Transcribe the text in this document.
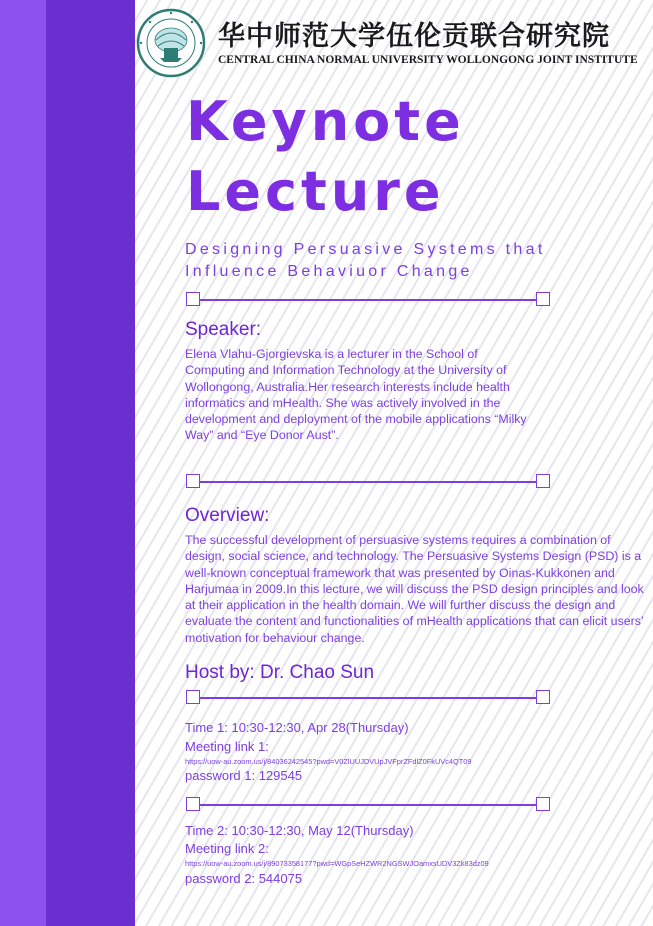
华中师范大学伍伦贡联合研究院
CENTRAL CHINA NORMAL UNIVERSITY WOLLONGONG JOINT INSTITUTE
Keynote
Lecture
Designing Persuasive Systems that
Influence Behaviuor Change
Speaker:
Elena Vlahu-Gjorgievska is a lecturer in the School of Computing and Information Technology at the University of Wollongong, Australia.Her research interests include health informatics and mHealth. She was actively involved in the development and deployment of the mobile applications “Milky Way” and “Eye Donor Aust”.
Overview:
The successful development of persuasive systems requires a combination of design, social science, and technology. The Persuasive Systems Design (PSD) is a well-known conceptual framework that was presented by Oinas-Kukkonen and Harjumaa in 2009.In this lecture, we will discuss the PSD design principles and look at their application in the health domain. We will further discuss the design and evaluate the content and functionalities of mHealth applications that can elicit users’ motivation for behaviour change.
Host by: Dr. Chao Sun
Time 1: 10:30-12:30, Apr 28(Thursday)
Meeting link 1:
https://uow-au.zoom.us/j/84036242545?pwd=V0ZlUUJDVUpJVFprZFdlZ0FkUVc4QT09
password 1: 129545
Time 2: 10:30-12:30, May 12(Thursday)
Meeting link 2:
https://uow-au.zoom.us/j/89073358177?pwd=WGpSeHZWR2NGSWJOamxsUDV3Zk83dz09
password 2: 544075
